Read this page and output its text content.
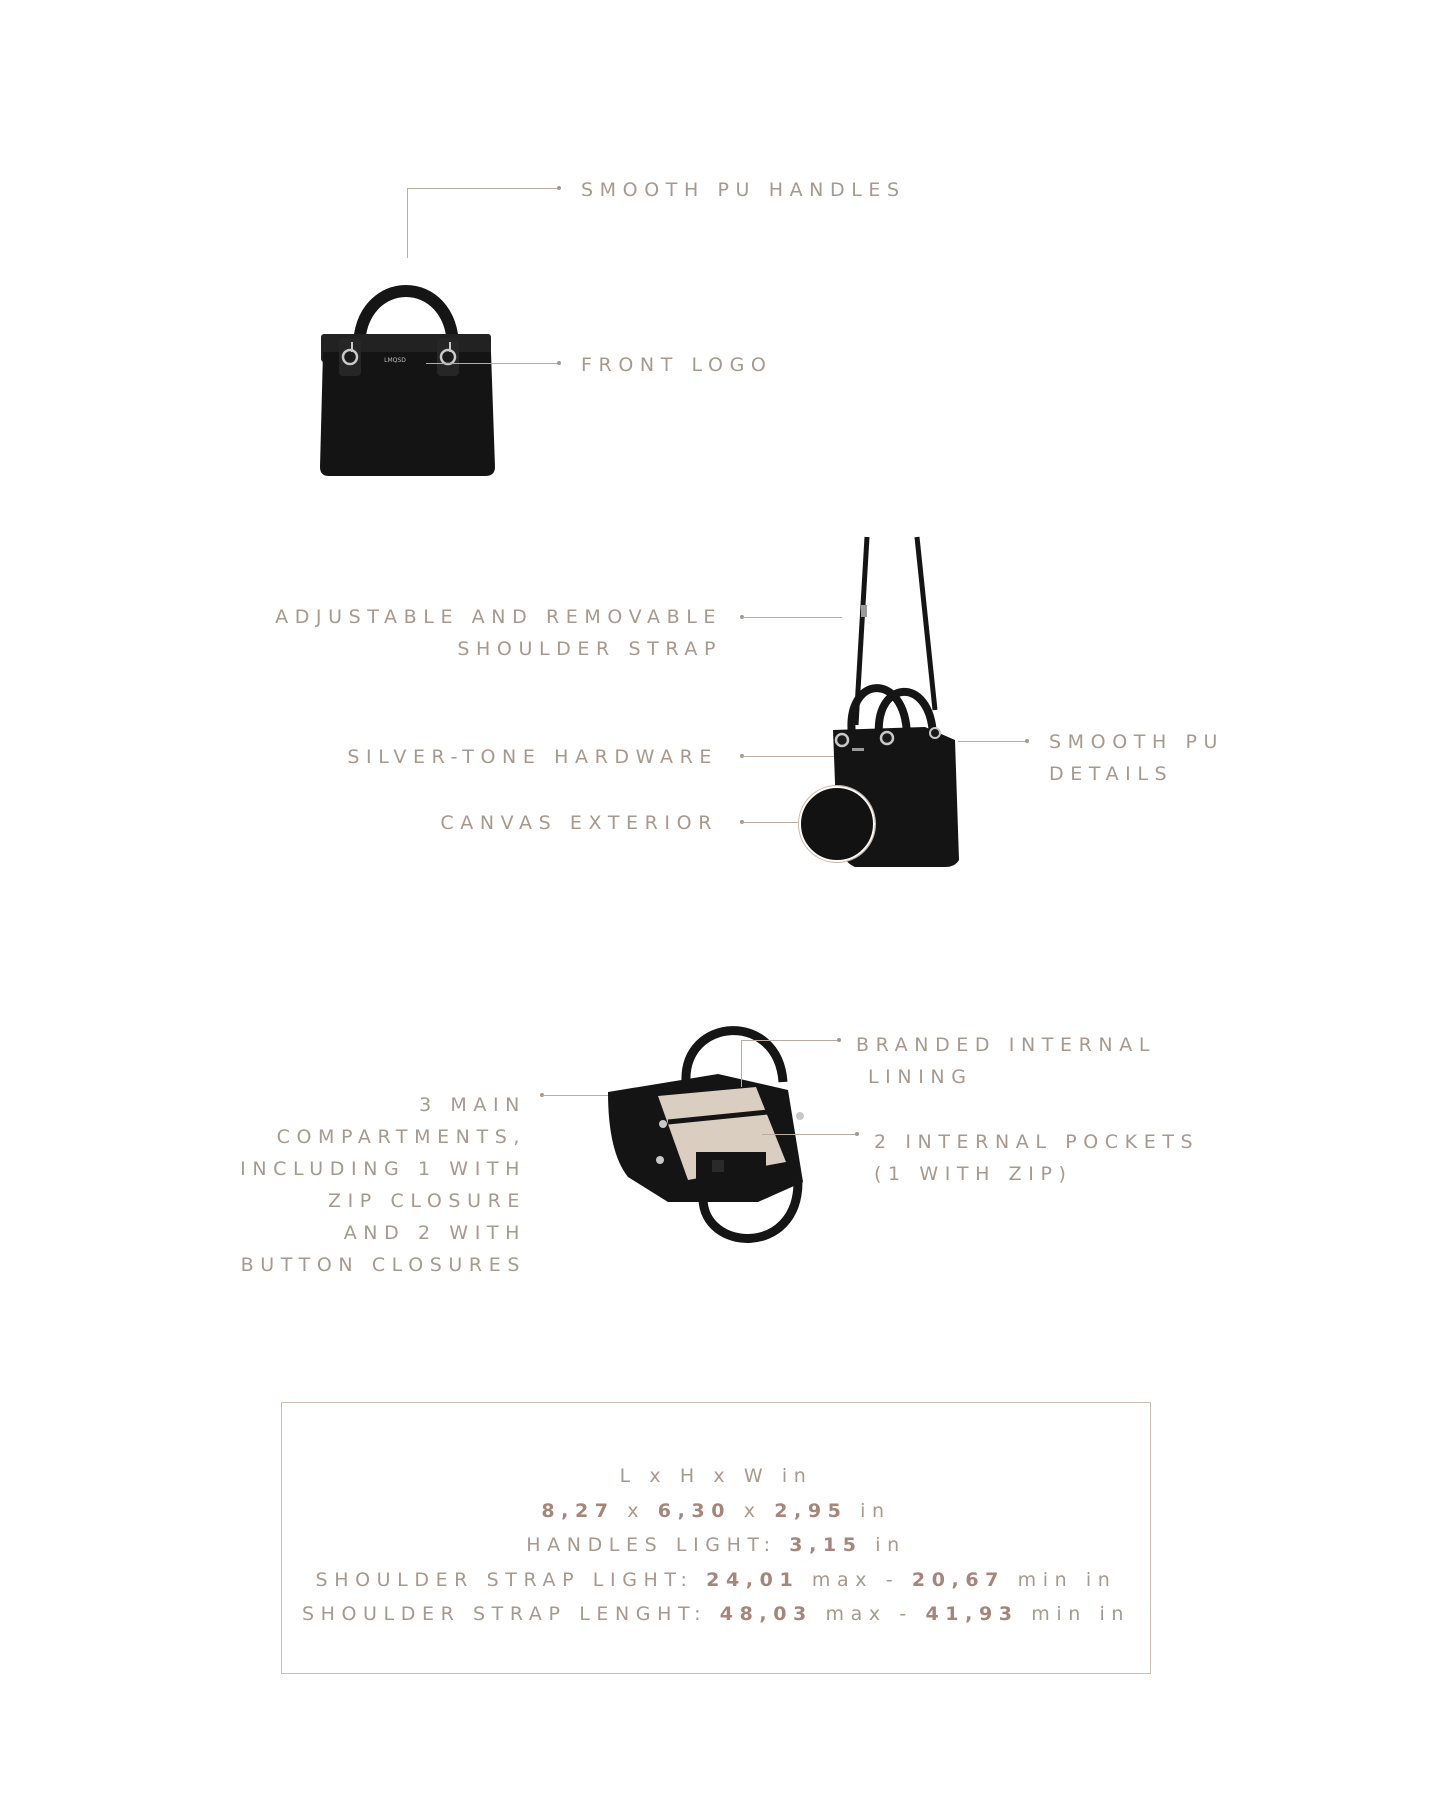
SMOOTH PU HANDLES

LMQSD	FRONT LOGO

ADJUSTABLE AND REMOVABLE
SHOULDER STRAP

SILVER-TONE HARDWARE

CANVAS EXTERIOR

SMOOTH PU
DETAILS
3 MAIN
COMPARTMENTS,
INCLUDING 1 WITH
ZIP CLOSURE
AND 2 WITH
BUTTON CLOSURES
BRANDED INTERNAL
LINING
2 INTERNAL POCKETS
(1 WITH ZIP)
L x H x W in
8,27 x 6,30 x 2,95 in
HANDLES LIGHT: 3,15 in
SHOULDER STRAP LIGHT: 24,01 max - 20,67 min in
SHOULDER STRAP LENGHT: 48,03 max - 41,93 min in
